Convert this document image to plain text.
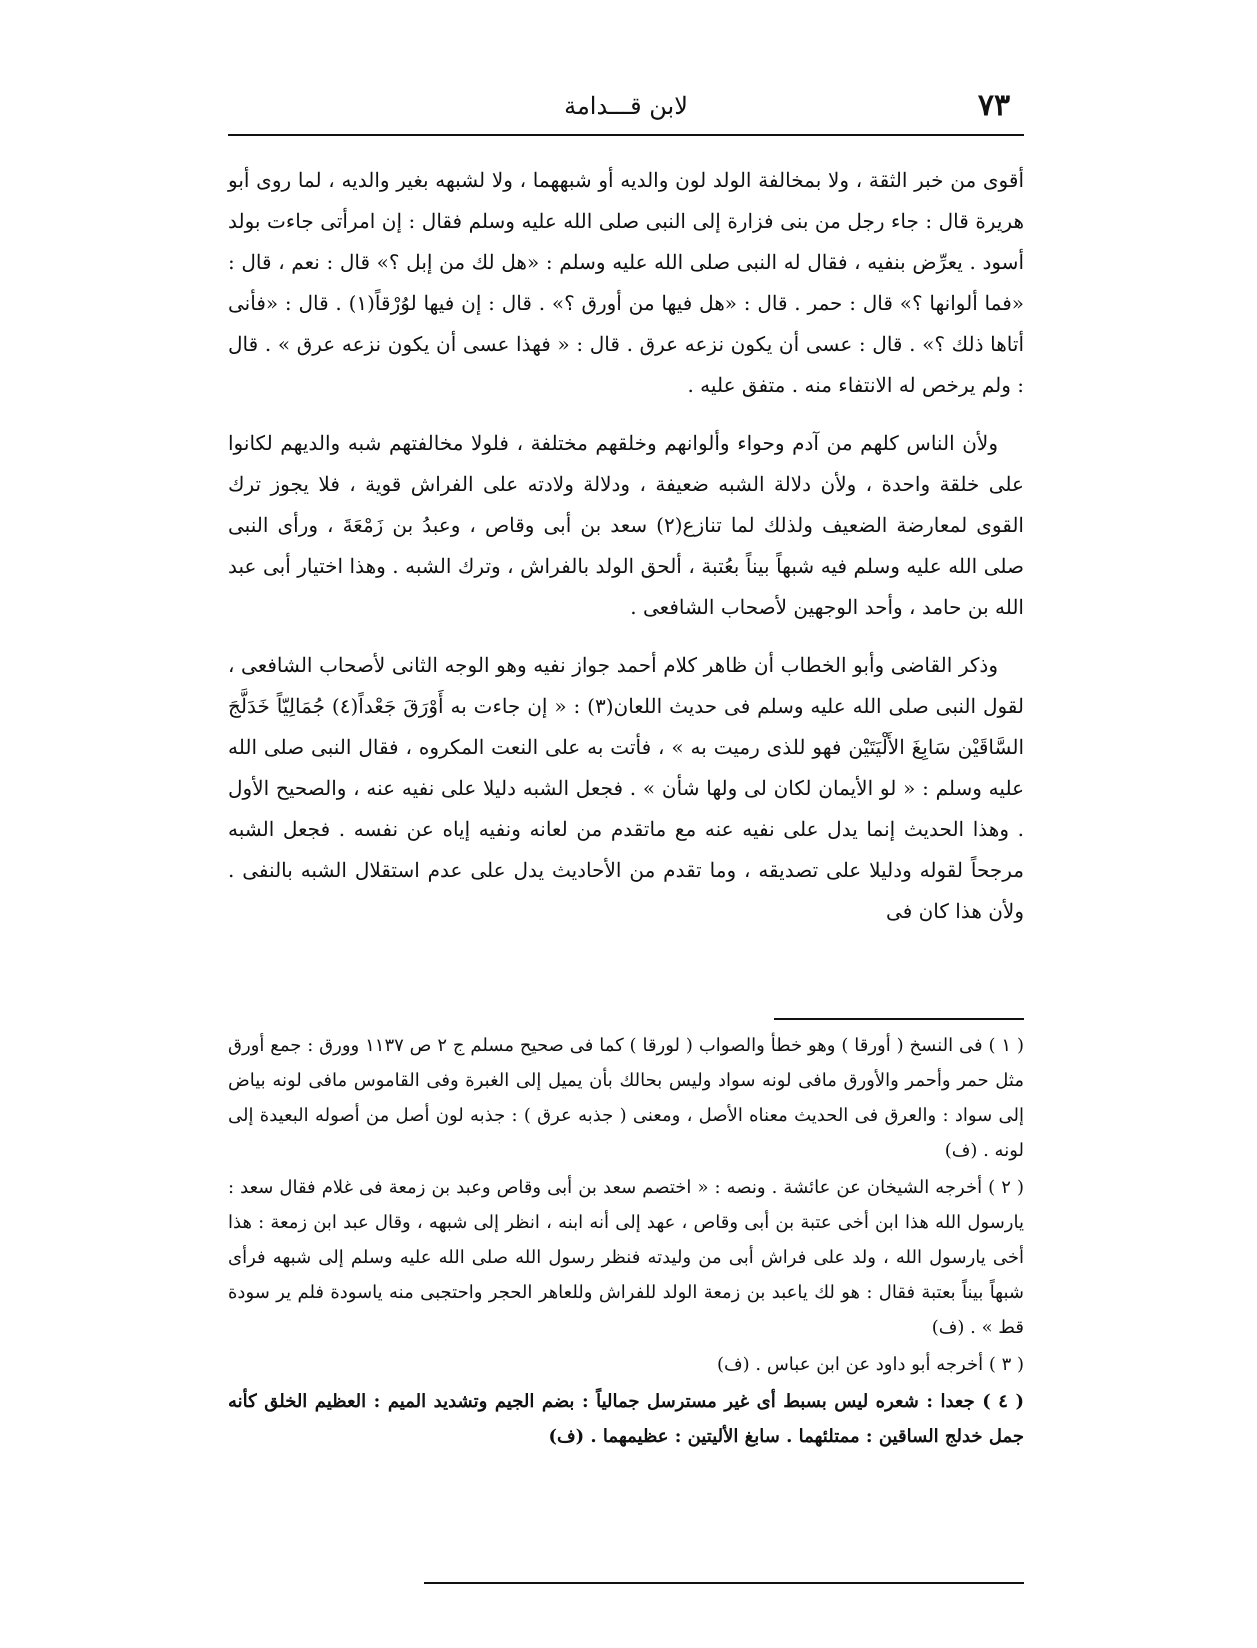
لابن قـــدامة	٧٣

أقوى من خبر الثقة ، ولا بمخالفة الولد لون والديه أو شبههما ، ولا لشبهه بغير والديه ، لما روى أبو هريرة قال : جاء رجل من بنى فزارة إلى النبى صلى الله عليه وسلم فقال : إن امرأتى جاءت بولد أسود . يعرِّض بنفيه ، فقال له النبى صلى الله عليه وسلم : «هل لك من إبل ؟» قال : نعم ، قال : «فما ألوانها ؟» قال : حمر . قال : «هل فيها من أورق ؟» . قال : إن فيها لوُرْقاً(١) . قال : «فأنى أتاها ذلك ؟» . قال : عسى أن يكون نزعه عرق . قال : « فهذا عسى أن يكون نزعه عرق » . قال : ولم يرخص له الانتفاء منه . متفق عليه .

ولأن الناس كلهم من آدم وحواء وألوانهم وخلقهم مختلفة ، فلولا مخالفتهم شبه والديهم لكانوا على خلقة واحدة ، ولأن دلالة الشبه ضعيفة ، ودلالة ولادته على الفراش قوية ، فلا يجوز ترك القوى لمعارضة الضعيف ولذلك لما تنازع(٢) سعد بن أبى وقاص ، وعبدُ بن زَمْعَةَ ، ورأى النبى صلى الله عليه وسلم فيه شبهاً بيناً بعُتبة ، ألحق الولد بالفراش ، وترك الشبه . وهذا اختيار أبى عبد الله بن حامد ، وأحد الوجهين لأصحاب الشافعى .

وذكر القاضى وأبو الخطاب أن ظاهر كلام أحمد جواز نفيه وهو الوجه الثانى لأصحاب الشافعى ، لقول النبى صلى الله عليه وسلم فى حديث اللعان(٣) : « إن جاءت به أَوْرَقَ جَعْداً(٤) جُمَالِيّاً خَدَلَّجَ السَّاقَيْن سَابِغَ الأَلْيَتَيْن فهو للذى رميت به » ، فأتت به على النعت المكروه ، فقال النبى صلى الله عليه وسلم : « لو الأيمان لكان لى ولها شأن » . فجعل الشبه دليلا على نفيه عنه ، والصحيح الأول . وهذا الحديث إنما يدل على نفيه عنه مع ماتقدم من لعانه ونفيه إياه عن نفسه . فجعل الشبه مرجحاً لقوله ودليلا على تصديقه ، وما تقدم من الأحاديث يدل على عدم استقلال الشبه بالنفى . ولأن هذا كان فى

( ١ ) فى النسخ ( أورقا ) وهو خطأ والصواب ( لورقا ) كما فى صحيح مسلم ج ٢ ص ١١٣٧ وورق : جمع أورق مثل حمر وأحمر والأورق مافى لونه سواد وليس بحالك بأن يميل إلى الغبرة وفى القاموس مافى لونه بياض إلى سواد : والعرق فى الحديث معناه الأصل ، ومعنى ( جذبه عرق ) : جذبه لون أصل من أصوله البعيدة إلى لونه . (ف)

( ٢ ) أخرجه الشيخان عن عائشة . ونصه : « اختصم سعد بن أبى وقاص وعبد بن زمعة فى غلام فقال سعد : يارسول الله هذا ابن أخى عتبة بن أبى وقاص ، عهد إلى أنه ابنه ، انظر إلى شبهه ، وقال عبد ابن زمعة : هذا أخى يارسول الله ، ولد على فراش أبى من وليدته فنظر رسول الله صلى الله عليه وسلم إلى شبهه فرأى شبهاً بيناً بعتبة فقال : هو لك ياعبد بن زمعة الولد للفراش وللعاهر الحجر واحتجبى منه ياسودة فلم ير سودة قط » . (ف)

( ٣ ) أخرجه أبو داود عن ابن عباس . (ف)

( ٤ ) جعدا : شعره ليس بسبط أى غير مسترسل جمالياً : بضم الجيم وتشديد الميم : العظيم الخلق كأنه جمل خدلج الساقين : ممتلئهما . سابغ الأليتين : عظيمهما . (ف)
